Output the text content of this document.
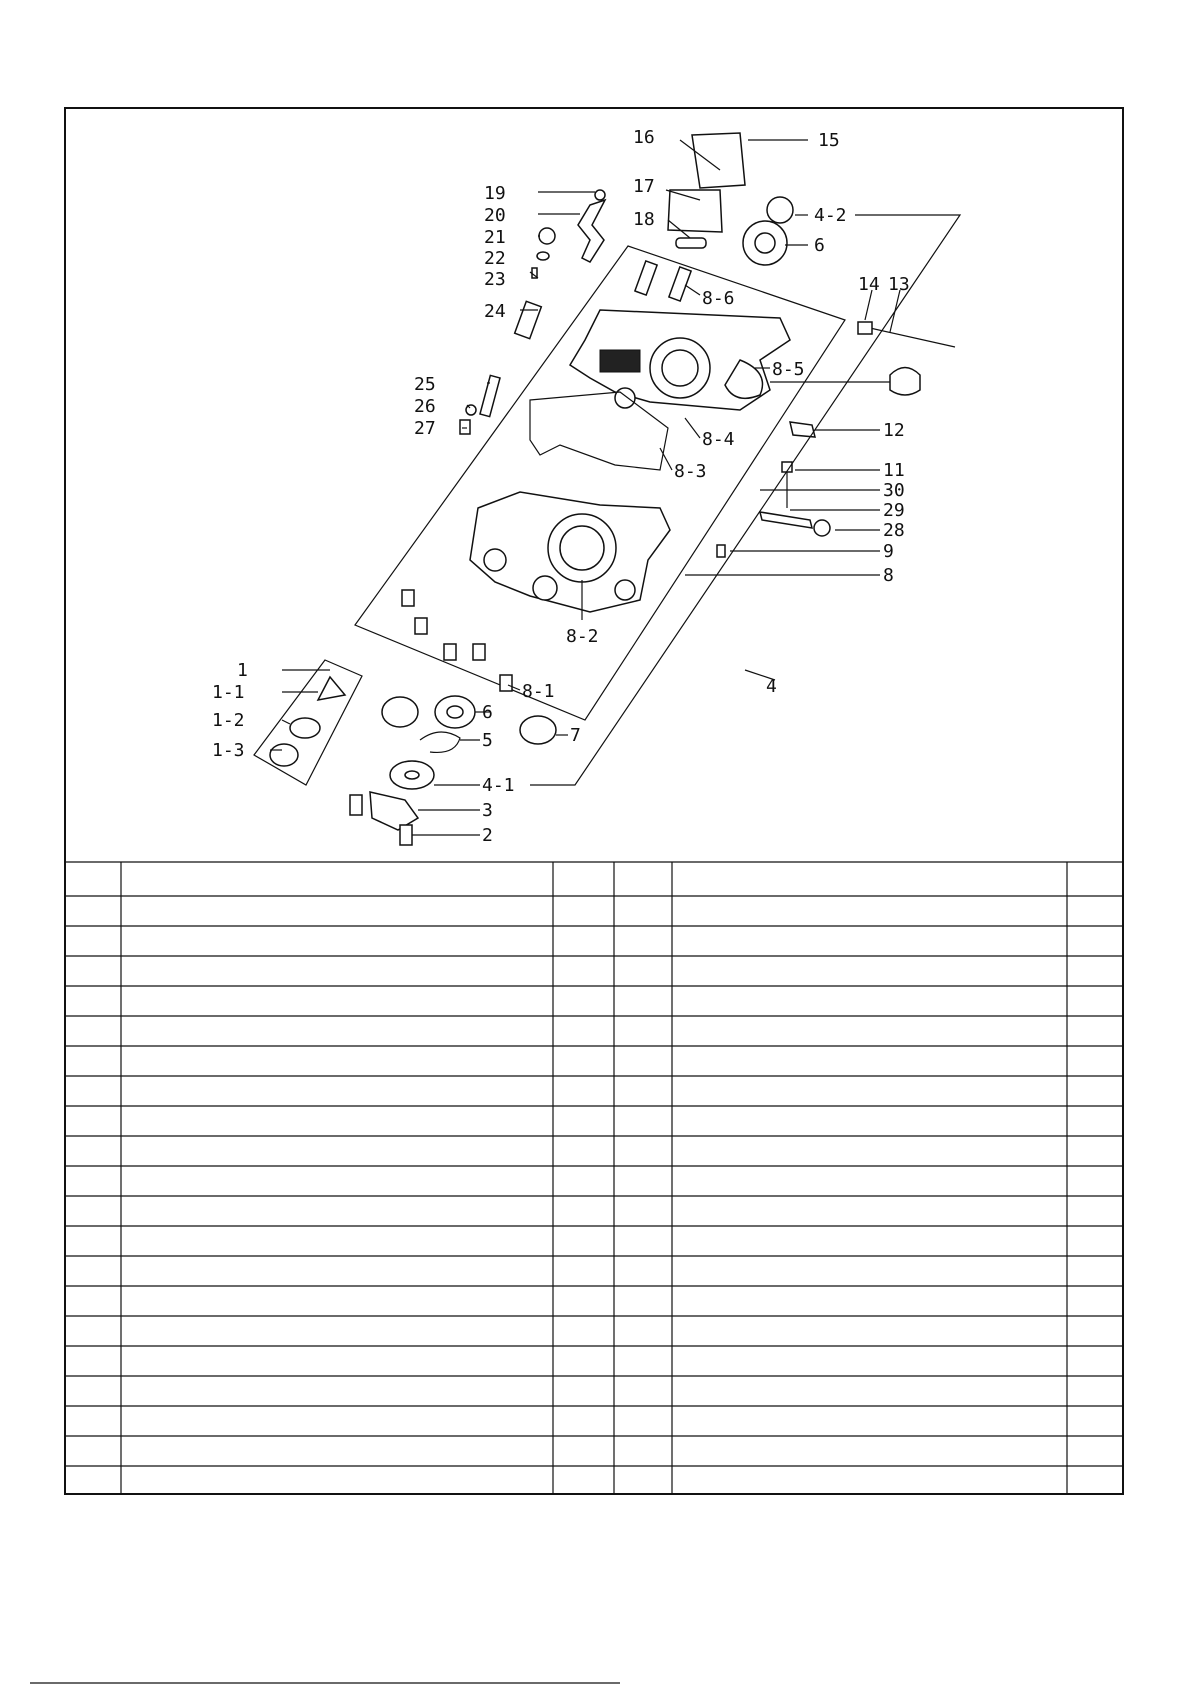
16	15
17
18
19
20
21
22
23
24
25
26
27
4-2
6
8-6
14 13
8-5
12
8-4
8-3	11
30
29
28
9
8
8-2
8-1
1
1-1
1-2
1-3
6
5	7
4
4-1
3
2
